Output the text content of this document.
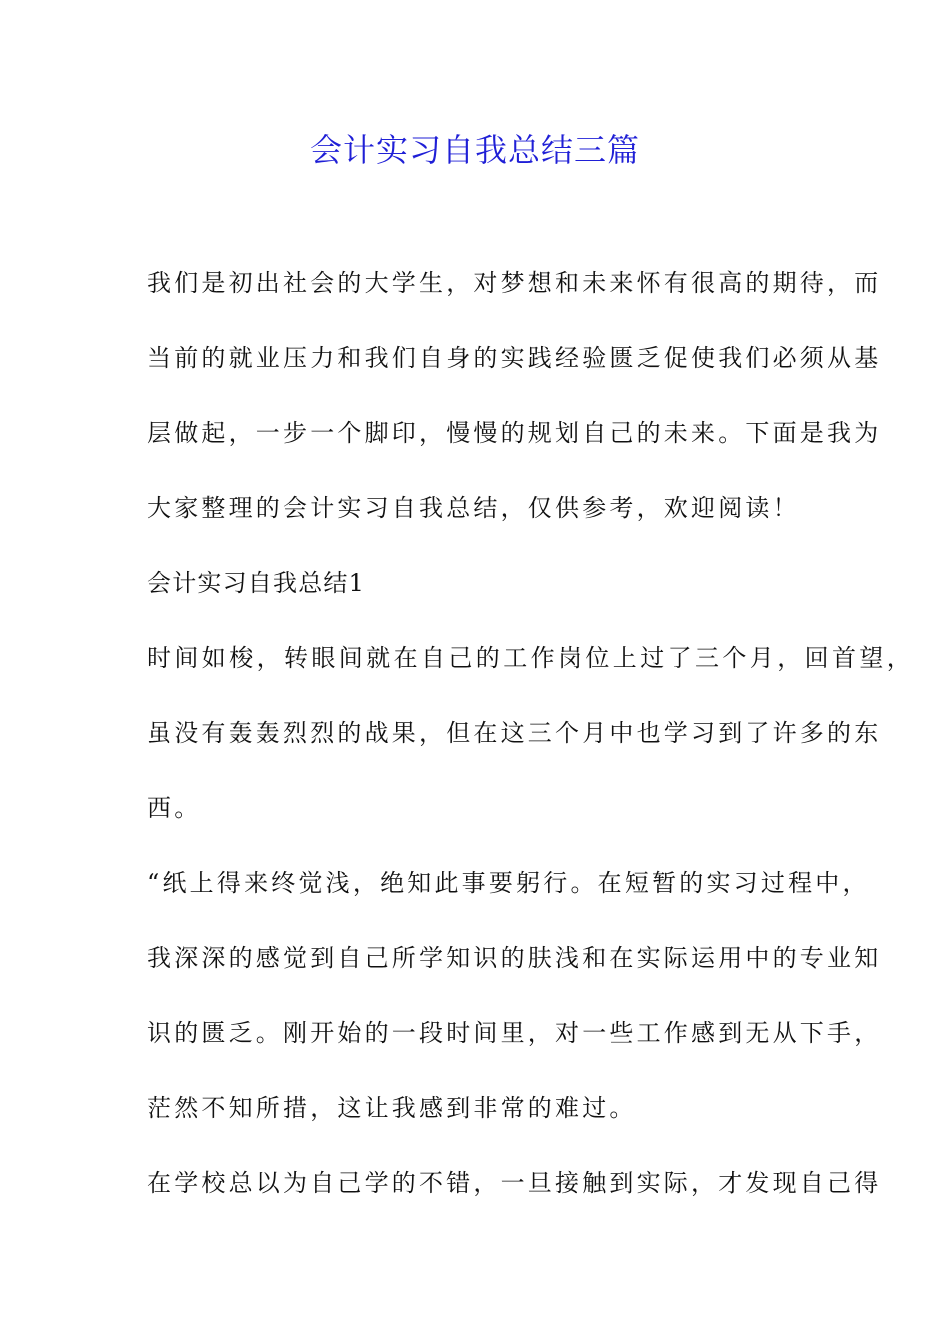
会计实习自我总结三篇
我们是初出社会的大学生，对梦想和未来怀有很高的期待，而
当前的就业压力和我们自身的实践经验匮乏促使我们必须从基
层做起，一步一个脚印，慢慢的规划自己的未来。下面是我为
大家整理的会计实习自我总结，仅供参考，欢迎阅读！
会计实习自我总结1
时间如梭，转眼间就在自己的工作岗位上过了三个月，回首望，
虽没有轰轰烈烈的战果，但在这三个月中也学习到了许多的东
西。
“纸上得来终觉浅，绝知此事要躬行。在短暂的实习过程中，
我深深的感觉到自己所学知识的肤浅和在实际运用中的专业知
识的匮乏。刚开始的一段时间里，对一些工作感到无从下手，
茫然不知所措，这让我感到非常的难过。
在学校总以为自己学的不错，一旦接触到实际，才发现自己得
